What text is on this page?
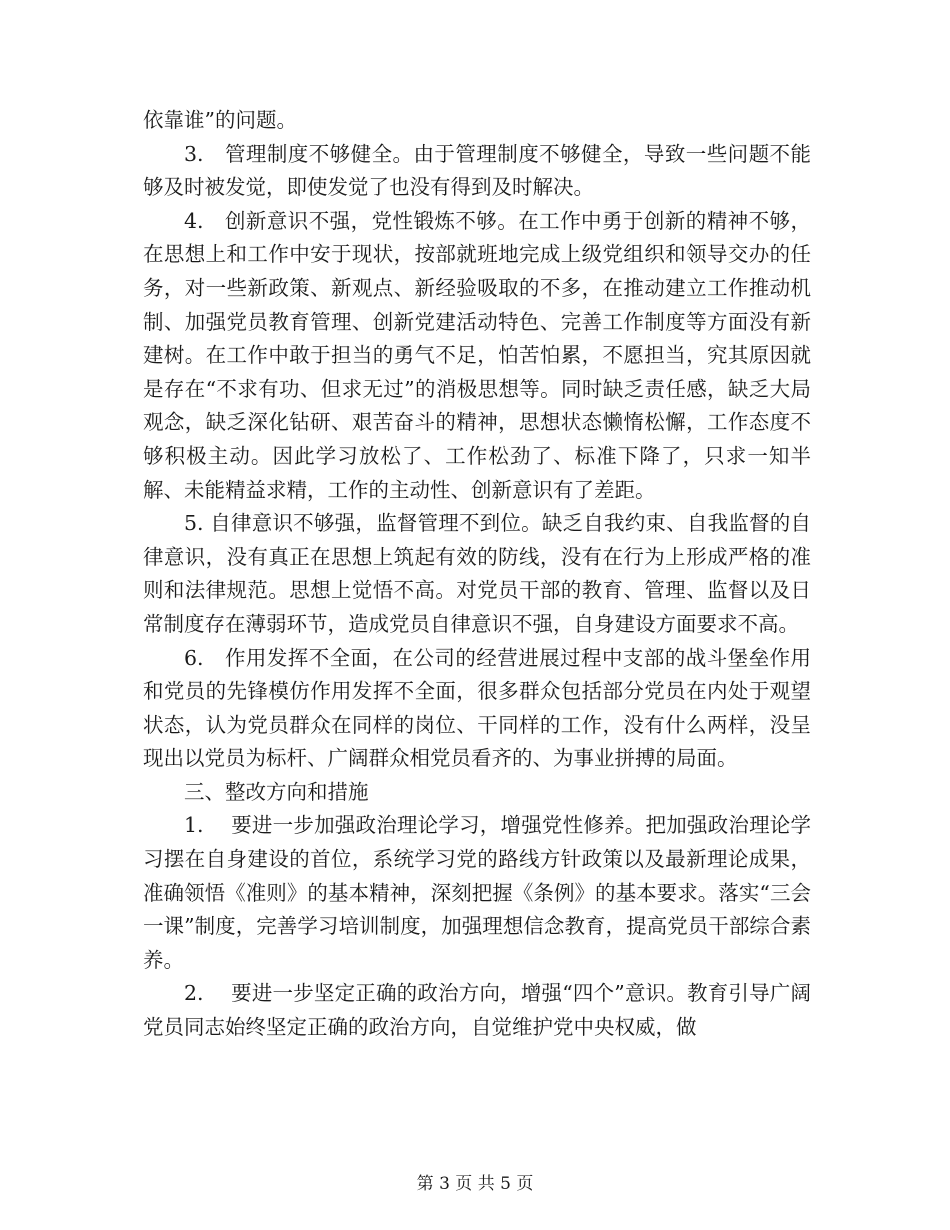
依靠谁”的问题。

3.　管理制度不够健全。由于管理制度不够健全，导致一些问题不能够及时被发觉，即使发觉了也没有得到及时解决。

4.　创新意识不强，党性锻炼不够。在工作中勇于创新的精神不够，在思想上和工作中安于现状，按部就班地完成上级党组织和领导交办的任务，对一些新政策、新观点、新经验吸取的不多，在推动建立工作推动机制、加强党员教育管理、创新党建活动特色、完善工作制度等方面没有新建树。在工作中敢于担当的勇气不足，怕苦怕累，不愿担当，究其原因就是存在“不求有功、但求无过”的消极思想等。同时缺乏责任感，缺乏大局观念，缺乏深化钻研、艰苦奋斗的精神，思想状态懒惰松懈，工作态度不够积极主动。因此学习放松了、工作松劲了、标准下降了，只求一知半解、未能精益求精，工作的主动性、创新意识有了差距。

5. 自律意识不够强，监督管理不到位。缺乏自我约束、自我监督的自律意识，没有真正在思想上筑起有效的防线，没有在行为上形成严格的准则和法律规范。思想上觉悟不高。对党员干部的教育、管理、监督以及日常制度存在薄弱环节，造成党员自律意识不强，自身建设方面要求不高。

6.　作用发挥不全面，在公司的经营进展过程中支部的战斗堡垒作用和党员的先锋模仿作用发挥不全面，很多群众包括部分党员在内处于观望状态，认为党员群众在同样的岗位、干同样的工作，没有什么两样，没呈现出以党员为标杆、广阔群众相党员看齐的、为事业拼搏的局面。

三、整改方向和措施

1.　 要进一步加强政治理论学习，增强党性修养。把加强政治理论学习摆在自身建设的首位，系统学习党的路线方针政策以及最新理论成果，准确领悟《准则》的基本精神，深刻把握《条例》的基本要求。落实“三会一课”制度，完善学习培训制度，加强理想信念教育，提高党员干部综合素养。

2.　 要进一步坚定正确的政治方向，增强“四个”意识。教育引导广阔党员同志始终坚定正确的政治方向，自觉维护党中央权威，做

第 3 页 共 5 页
